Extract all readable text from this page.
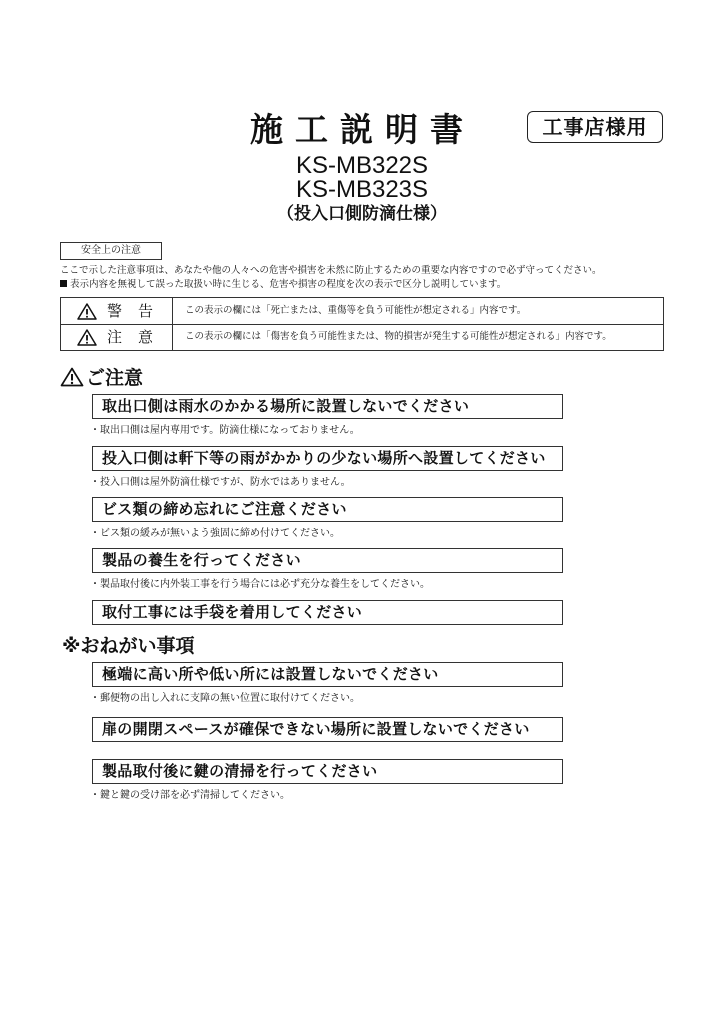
施工説明書	工事店様用
KS-MB322S
KS-MB323S
（投入口側防滴仕様）
安全上の注意
ここで示した注意事項は、あなたや他の人々への危害や損害を未然に防止するための重要な内容ですので必ず守ってください。
表示内容を無視して誤った取扱い時に生じる、危害や損害の程度を次の表示で区分し説明しています。
警告 この表示の欄には「死亡または、重傷等を負う可能性が想定される」内容です。
注意 この表示の欄には「傷害を負う可能性または、物的損害が発生する可能性が想定される」内容です。
ご注意
取出口側は雨水のかかる場所に設置しないでください
・取出口側は屋内専用です。防滴仕様になっておりません。
投入口側は軒下等の雨がかかりの少ない場所へ設置してください
・投入口側は屋外防滴仕様ですが、防水ではありません。
ビス類の締め忘れにご注意ください
・ビス類の緩みが無いよう強固に締め付けてください。
製品の養生を行ってください
・製品取付後に内外装工事を行う場合には必ず充分な養生をしてください。
取付工事には手袋を着用してください
※おねがい事項
極端に高い所や低い所には設置しないでください
・郵便物の出し入れに支障の無い位置に取付けてください。
扉の開閉スペースが確保できない場所に設置しないでください
製品取付後に鍵の清掃を行ってください
・鍵と鍵の受け部を必ず清掃してください。
